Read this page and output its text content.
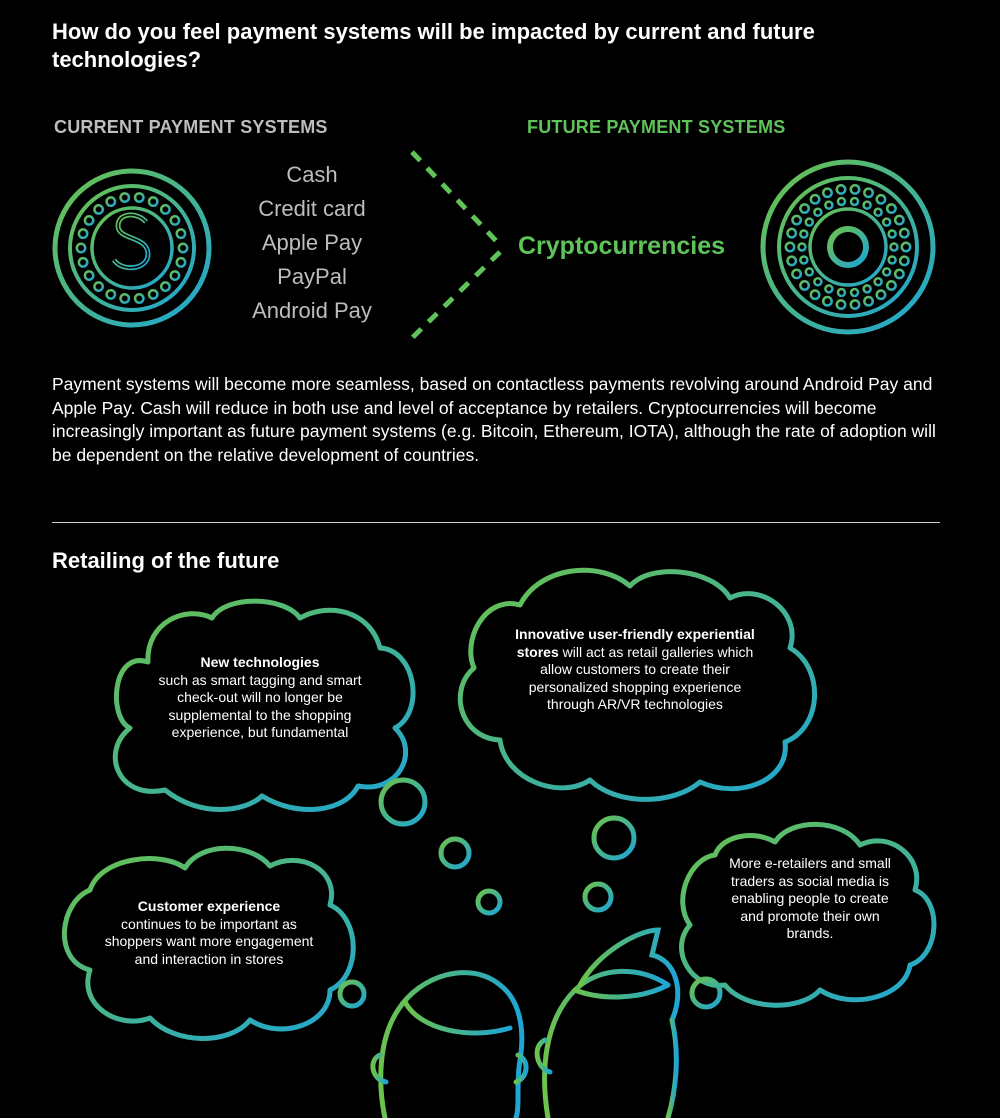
How do you feel payment systems will be impacted by current and future technologies?
CURRENT PAYMENT SYSTEMS	FUTURE PAYMENT SYSTEMS
Cash
Credit card
Apple Pay
PayPal
Android Pay
Cryptocurrencies
Payment systems will become more seamless, based on contactless payments revolving around Android Pay and Apple Pay. Cash will reduce in both use and level of acceptance by retailers. Cryptocurrencies will become increasingly important as future payment systems (e.g. Bitcoin, Ethereum, IOTA), although the rate of adoption will be dependent on the relative development of countries.
Retailing of the future
New technologies
such as smart tagging and smart check-out will no longer be supplemental to the shopping experience, but fundamental
Innovative user-friendly experiential stores will act as retail galleries which allow customers to create their personalized shopping experience through AR/VR technologies
Customer experience
continues to be important as shoppers want more engagement and interaction in stores
More e-retailers and small traders as social media is enabling people to create and promote their own brands.
